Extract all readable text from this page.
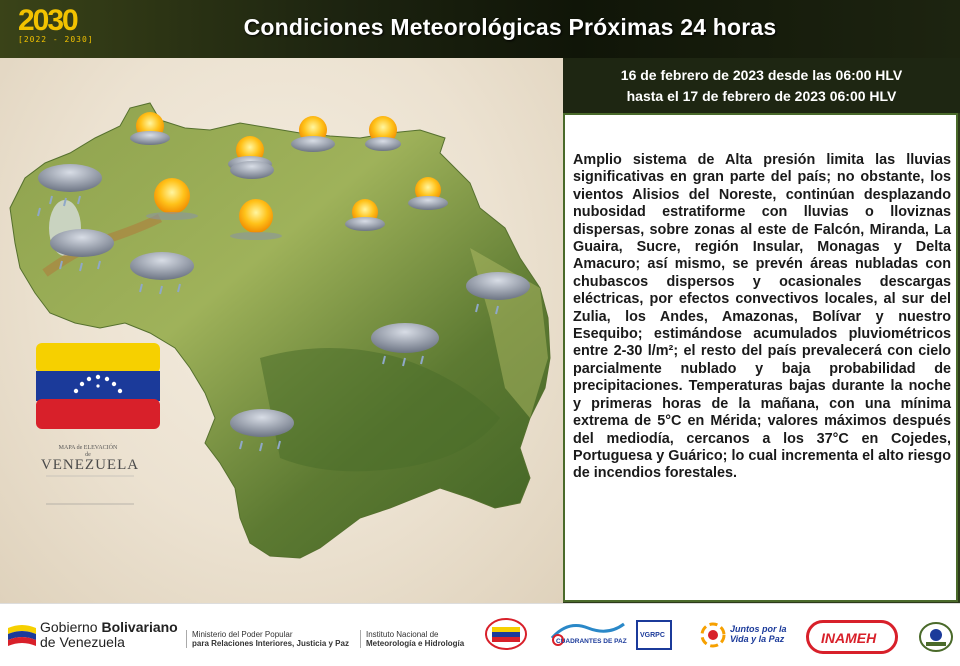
2030
[2022 - 2030]	Condiciones Meteorológicas Próximas 24 horas
MAPA de ELEVACIÓN
de
VENEZUELA
16 de febrero de 2023 desde las 06:00 HLV
hasta el 17 de febrero de 2023 06:00 HLV
Amplio sistema de Alta presión limita las lluvias significativas en gran parte del país; no obstante, los vientos Alisios del Noreste, continúan desplazando nubosidad estratiforme con lluvias o lloviznas dispersas, sobre zonas al este de Falcón, Miranda, La Guaira, Sucre, región Insular, Monagas y Delta Amacuro; así mismo, se prevén áreas nubladas con chubascos dispersos y ocasionales descargas eléctricas, por efectos convectivos locales, al sur del Zulia, los Andes, Amazonas, Bolívar y nuestro Esequibo; estimándose acumulados pluviométricos entre 2-30 l/m²; el resto del país prevalecerá con cielo parcialmente nublado y baja probabilidad de precipitaciones. Temperaturas bajas durante la noche y primeras horas de la mañana, con una mínima extrema de 5°C en Mérida; valores máximos después del mediodía, cercanos a los 37°C en Cojedes, Portuguesa y Guárico; lo cual incrementa el alto riesgo de incendios forestales.
Gobierno Bolivariano
de Venezuela	Ministerio del Poder Popular
para Relaciones Interiores, Justicia y Paz
Instituto Nacional de
Meteorología e Hidrología	CUADRANTES DE PAZ
VGRPC
Juntos por la Vida y la Paz	INAMEH
